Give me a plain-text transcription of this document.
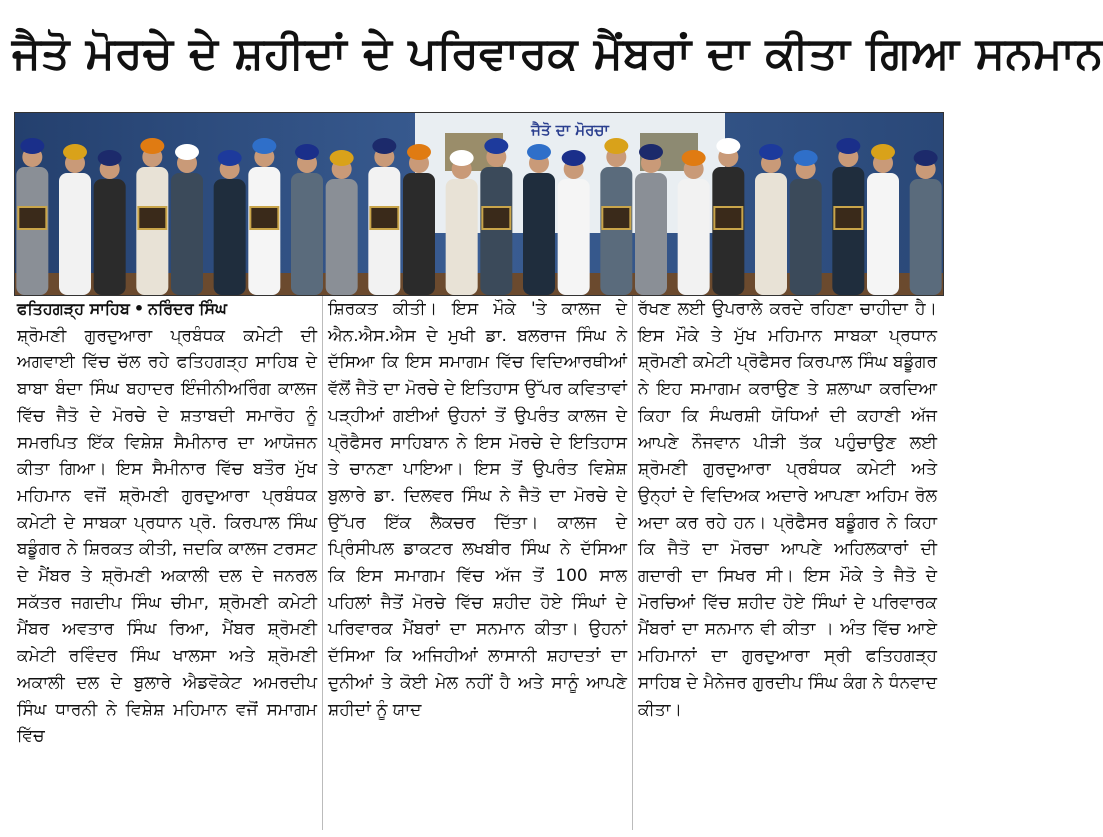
ਜੈਤੋ ਮੋਰਚੇ ਦੇ ਸ਼ਹੀਦਾਂ ਦੇ ਪਰਿਵਾਰਕ ਮੈਂਬਰਾਂ ਦਾ ਕੀਤਾ ਗਿਆ ਸਨਮਾਨ
ਜੈਤੋ ਦਾ ਮੋਰਚਾ
ਫਤਿਹਗੜ੍ਹ ਸਾਹਿਬ • ਨਰਿੰਦਰ ਸਿੰਘ

ਸ਼੍ਰੋਮਣੀ ਗੁਰਦੁਆਰਾ ਪ੍ਰਬੰਧਕ ਕਮੇਟੀ ਦੀ ਅਗਵਾਈ ਵਿੱਚ ਚੱਲ ਰਹੇ ਫਤਿਹਗੜ੍ਹ ਸਾਹਿਬ ਦੇ ਬਾਬਾ ਬੰਦਾ ਸਿੰਘ ਬਹਾਦਰ ਇੰਜੀਨੀਅਰਿੰਗ ਕਾਲਜ ਵਿੱਚ ਜੈਤੋ ਦੇ ਮੋਰਚੇ ਦੇ ਸ਼ਤਾਬਦੀ ਸਮਾਰੋਹ ਨੂੰ ਸਮਰਪਿਤ ਇੱਕ ਵਿਸ਼ੇਸ਼ ਸੈਮੀਨਾਰ ਦਾ ਆਯੋਜਨ ਕੀਤਾ ਗਿਆ। ਇਸ ਸੈਮੀਨਾਰ ਵਿੱਚ ਬਤੌਰ ਮੁੱਖ ਮਹਿਮਾਨ ਵਜੋਂ ਸ਼੍ਰੋਮਣੀ ਗੁਰਦੁਆਰਾ ਪ੍ਰਬੰਧਕ ਕਮੇਟੀ ਦੇ ਸਾਬਕਾ ਪ੍ਰਧਾਨ ਪ੍ਰੋ. ਕਿਰਪਾਲ ਸਿੰਘ ਬਡੂੰਗਰ ਨੇ ਸ਼ਿਰਕਤ ਕੀਤੀ, ਜਦਕਿ ਕਾਲਜ ਟਰਸਟ ਦੇ ਮੈਂਬਰ ਤੇ ਸ਼੍ਰੋਮਣੀ ਅਕਾਲੀ ਦਲ ਦੇ ਜਨਰਲ ਸਕੱਤਰ ਜਗਦੀਪ ਸਿੰਘ ਚੀਮਾ, ਸ਼੍ਰੋਮਣੀ ਕਮੇਟੀ ਮੈਂਬਰ ਅਵਤਾਰ ਸਿੰਘ ਰਿਆ, ਮੈਂਬਰ ਸ਼੍ਰੋਮਣੀ ਕਮੇਟੀ ਰਵਿੰਦਰ ਸਿੰਘ ਖਾਲਸਾ ਅਤੇ ਸ਼੍ਰੋਮਣੀ ਅਕਾਲੀ ਦਲ ਦੇ ਬੁਲਾਰੇ ਐਡਵੋਕੇਟ ਅਮਰਦੀਪ ਸਿੰਘ ਧਾਰਨੀ ਨੇ ਵਿਸ਼ੇਸ਼ ਮਹਿਮਾਨ ਵਜੋਂ ਸਮਾਗਮ ਵਿੱਚ

ਸ਼ਿਰਕਤ ਕੀਤੀ। ਇਸ ਮੌਕੇ 'ਤੇ ਕਾਲਜ ਦੇ ਐਨ.ਐਸ.ਐਸ ਦੇ ਮੁਖੀ ਡਾ. ਬਲਰਾਜ ਸਿੰਘ ਨੇ ਦੱਸਿਆ ਕਿ ਇਸ ਸਮਾਗਮ ਵਿੱਚ ਵਿਦਿਆਰਥੀਆਂ ਵੱਲੋਂ ਜੈਤੋ ਦਾ ਮੋਰਚੇ ਦੇ ਇਤਿਹਾਸ ਉੱਪਰ ਕਵਿਤਾਵਾਂ ਪੜ੍ਹੀਆਂ ਗਈਆਂ ਉਹਨਾਂ ਤੋਂ ਉਪਰੰਤ ਕਾਲਜ ਦੇ ਪ੍ਰੋਫੈਸਰ ਸਾਹਿਬਾਨ ਨੇ ਇਸ ਮੋਰਚੇ ਦੇ ਇਤਿਹਾਸ ਤੇ ਚਾਨਣਾ ਪਾਇਆ। ਇਸ ਤੋਂ ਉਪਰੰਤ ਵਿਸ਼ੇਸ਼ ਬੁਲਾਰੇ ਡਾ. ਦਿਲਵਰ ਸਿੰਘ ਨੇ ਜੈਤੋ ਦਾ ਮੋਰਚੇ ਦੇ ਉੱਪਰ ਇੱਕ ਲੈਕਚਰ ਦਿੱਤਾ। ਕਾਲਜ ਦੇ ਪ੍ਰਿੰਸੀਪਲ ਡਾਕਟਰ ਲਖਬੀਰ ਸਿੰਘ ਨੇ ਦੱਸਿਆ ਕਿ ਇਸ ਸਮਾਗਮ ਵਿੱਚ ਅੱਜ ਤੋਂ 100 ਸਾਲ ਪਹਿਲਾਂ ਜੈਤੋਂ ਮੋਰਚੇ ਵਿੱਚ ਸ਼ਹੀਦ ਹੋਏ ਸਿੰਘਾਂ ਦੇ ਪਰਿਵਾਰਕ ਮੈਂਬਰਾਂ ਦਾ ਸਨਮਾਨ ਕੀਤਾ। ਉਹਨਾਂ ਦੱਸਿਆ ਕਿ ਅਜਿਹੀਆਂ ਲਾਸਾਨੀ ਸ਼ਹਾਦਤਾਂ ਦਾ ਦੁਨੀਆਂ ਤੇ ਕੋਈ ਮੇਲ ਨਹੀਂ ਹੈ ਅਤੇ ਸਾਨੂੰ ਆਪਣੇ ਸ਼ਹੀਦਾਂ ਨੂੰ ਯਾਦ

ਰੱਖਣ ਲਈ ਉਪਰਾਲੇ ਕਰਦੇ ਰਹਿਣਾ ਚਾਹੀਦਾ ਹੈ। ਇਸ ਮੌਕੇ ਤੇ ਮੁੱਖ ਮਹਿਮਾਨ ਸਾਬਕਾ ਪ੍ਰਧਾਨ ਸ਼੍ਰੋਮਣੀ ਕਮੇਟੀ ਪ੍ਰੋਫੈਸਰ ਕਿਰਪਾਲ ਸਿੰਘ ਬਡੂੰਗਰ ਨੇ ਇਹ ਸਮਾਗਮ ਕਰਾਉਣ ਤੇ ਸ਼ਲਾਘਾ ਕਰਦਿਆ ਕਿਹਾ ਕਿ ਸੰਘਰਸ਼ੀ ਯੋਧਿਆਂ ਦੀ ਕਹਾਣੀ ਅੱਜ ਆਪਣੇ ਨੌਜਵਾਨ ਪੀੜੀ ਤੱਕ ਪਹੁੰਚਾਉਣ ਲਈ ਸ਼੍ਰੋਮਣੀ ਗੁਰਦੁਆਰਾ ਪ੍ਰਬੰਧਕ ਕਮੇਟੀ ਅਤੇ ਉਨ੍ਹਾਂ ਦੇ ਵਿਦਿਅਕ ਅਦਾਰੇ ਆਪਣਾ ਅਹਿਮ ਰੋਲ ਅਦਾ ਕਰ ਰਹੇ ਹਨ। ਪ੍ਰੋਫੈਸਰ ਬਡੂੰਗਰ ਨੇ ਕਿਹਾ ਕਿ ਜੈਤੋ ਦਾ ਮੋਰਚਾ ਆਪਣੇ ਅਹਿਲਕਾਰਾਂ ਦੀ ਗਦਾਰੀ ਦਾ ਸਿਖਰ ਸੀ। ਇਸ ਮੌਕੇ ਤੇ ਜੈਤੋ ਦੇ ਮੋਰਚਿਆਂ ਵਿੱਚ ਸ਼ਹੀਦ ਹੋਏ ਸਿੰਘਾਂ ਦੇ ਪਰਿਵਾਰਕ ਮੈਂਬਰਾਂ ਦਾ ਸਨਮਾਨ ਵੀ ਕੀਤਾ । ਅੰਤ ਵਿੱਚ ਆਏ ਮਹਿਮਾਨਾਂ ਦਾ ਗੁਰਦੁਆਰਾ ਸ੍ਰੀ ਫਤਿਹਗੜ੍ਹ ਸਾਹਿਬ ਦੇ ਮੈਨੇਜਰ ਗੁਰਦੀਪ ਸਿੰਘ ਕੰਗ ਨੇ ਧੰਨਵਾਦ ਕੀਤਾ।
